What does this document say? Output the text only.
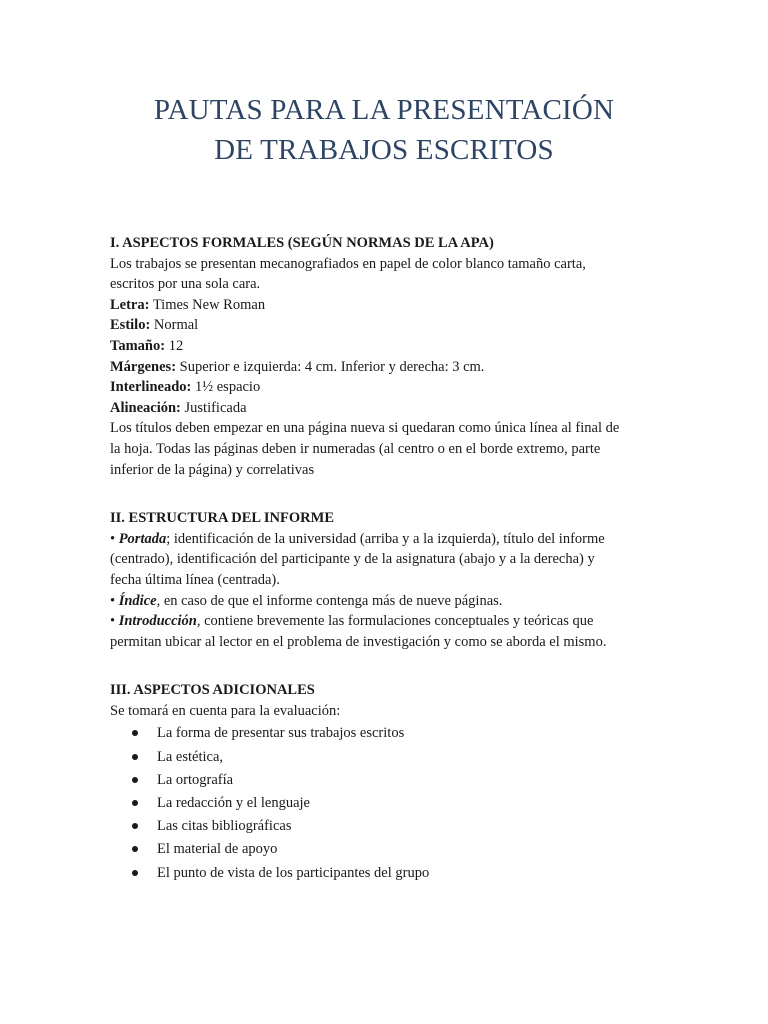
PAUTAS PARA LA PRESENTACIÓN
DE TRABAJOS ESCRITOS
I. ASPECTOS FORMALES (SEGÚN NORMAS DE LA APA)
Los trabajos se presentan mecanografiados en papel de color blanco tamaño carta,
escritos por una sola cara.
Letra: Times New Roman
Estilo: Normal
Tamaño: 12
Márgenes: Superior e izquierda: 4 cm. Inferior y derecha: 3 cm.
Interlineado: 1½ espacio
Alineación: Justificada
Los títulos deben empezar en una página nueva si quedaran como única línea al final de
la hoja. Todas las páginas deben ir numeradas (al centro o en el borde extremo, parte
inferior de la página) y correlativas
II. ESTRUCTURA DEL INFORME
• Portada; identificación de la universidad (arriba y a la izquierda), título del informe
(centrado), identificación del participante y de la asignatura (abajo y a la derecha) y
fecha última línea (centrada).
• Índice, en caso de que el informe contenga más de nueve páginas.
• Introducción, contiene brevemente las formulaciones conceptuales y teóricas que
permitan ubicar al lector en el problema de investigación y como se aborda el mismo.
III. ASPECTOS ADICIONALES
Se tomará en cuenta para la evaluación:
La forma de presentar sus trabajos escritos
La estética,
La ortografía
La redacción y el lenguaje
Las citas bibliográficas
El material de apoyo
El punto de vista de los participantes del grupo
